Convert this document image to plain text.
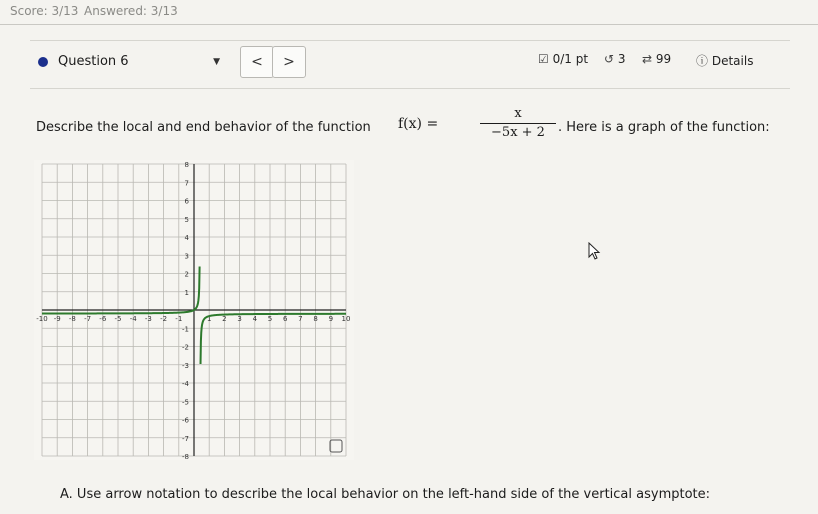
Score: 3/13 Answered: 3/13
Question 6	▼	<	>	☑ 0/1 pt ↺ 3 ⇄ 99 ⓘ Details
Describe the local and end behavior of the function f(x) =
x
−5x + 2	. Here is a graph of the function:
-10 -9 -8 -7 -6 -5 -4 -3 -2 -1	1 2 3 4 5 6 7 8 9 10
8
7
6
5
4
3
2
1
-1
-2
-3
-4
-5
-6
-7
-8
A. Use arrow notation to describe the local behavior on the left-hand side of the vertical asymptote:
